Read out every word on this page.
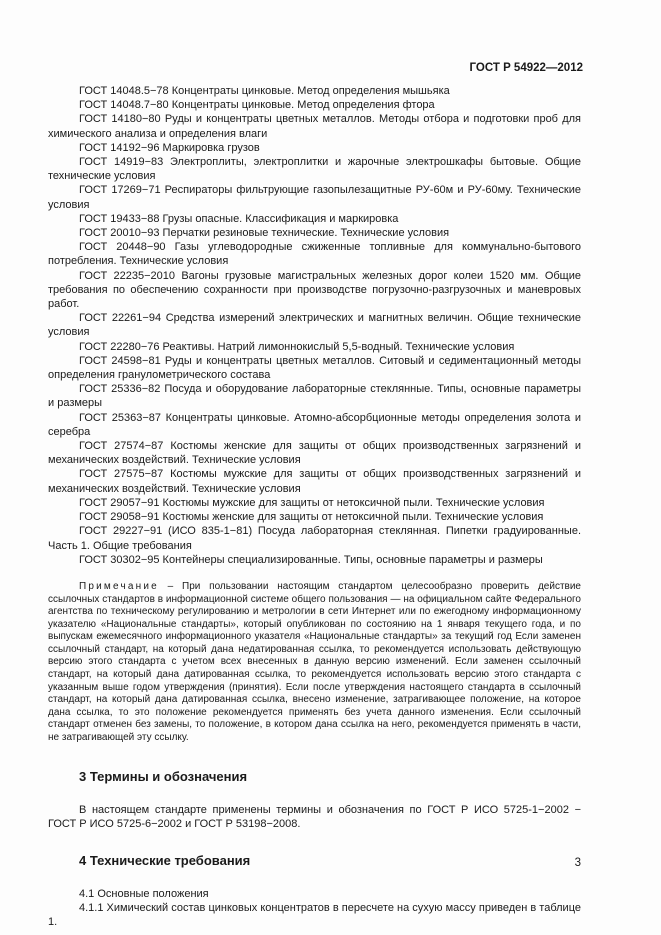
ГОСТ Р 54922—2012

ГОСТ 14048.5−78 Концентраты цинковые. Метод определения мышьяка

ГОСТ 14048.7−80 Концентраты цинковые. Метод определения фтора

ГОСТ 14180−80 Руды и концентраты цветных металлов. Методы отбора и подготовки проб для химического анализа и определения влаги

ГОСТ 14192−96 Маркировка грузов

ГОСТ 14919−83 Электроплиты, электроплитки и жарочные электрошкафы бытовые. Общие технические условия

ГОСТ 17269−71 Респираторы фильтрующие газопылезащитные РУ-60м и РУ-60му. Технические условия

ГОСТ 19433−88 Грузы опасные. Классификация и маркировка

ГОСТ 20010−93 Перчатки резиновые технические. Технические условия

ГОСТ 20448−90 Газы углеводородные сжиженные топливные для коммунально-бытового потребления. Технические условия

ГОСТ 22235−2010 Вагоны грузовые магистральных железных дорог колеи 1520 мм. Общие требования по обеспечению сохранности при производстве погрузочно-разгрузочных и маневровых работ.

ГОСТ 22261−94 Средства измерений электрических и магнитных величин. Общие технические условия

ГОСТ 22280−76 Реактивы. Натрий лимоннокислый 5,5-водный. Технические условия

ГОСТ 24598−81 Руды и концентраты цветных металлов. Ситовый и седиментационный методы определения гранулометрического состава

ГОСТ 25336−82 Посуда и оборудование лабораторные стеклянные. Типы, основные параметры и размеры

ГОСТ 25363−87 Концентраты цинковые. Атомно-абсорбционные методы определения золота и серебра

ГОСТ 27574−87 Костюмы женские для защиты от общих производственных загрязнений и механических воздействий. Технические условия

ГОСТ 27575−87 Костюмы мужские для защиты от общих производственных загрязнений и механических воздействий. Технические условия

ГОСТ 29057−91 Костюмы мужские для защиты от нетоксичной пыли. Технические условия

ГОСТ 29058−91 Костюмы женские для защиты от нетоксичной пыли. Технические условия

ГОСТ 29227−91 (ИСО 835-1−81) Посуда лабораторная стеклянная. Пипетки градуированные. Часть 1. Общие требования

ГОСТ 30302−95 Контейнеры специализированные. Типы, основные параметры и размеры

Примечание – При пользовании настоящим стандартом целесообразно проверить действие ссылочных стандартов в информационной системе общего пользования — на официальном сайте Федерального агентства по техническому регулированию и метрологии в сети Интернет или по ежегодному информационному указателю «Национальные стандарты», который опубликован по состоянию на 1 января текущего года, и по выпускам ежемесячного информационного указателя «Национальные стандарты» за текущий год Если заменен ссылочный стандарт, на который дана недатированная ссылка, то рекомендуется использовать действующую версию этого стандарта с учетом всех внесенных в данную версию изменений. Если заменен ссылочный стандарт, на который дана датированная ссылка, то рекомендуется использовать версию этого стандарта с указанным выше годом утверждения (принятия). Если после утверждения настоящего стандарта в ссылочный стандарт, на который дана датированная ссылка, внесено изменение, затрагивающее положение, на которое дана ссылка, то это положение рекомендуется применять без учета данного изменения. Если ссылочный стандарт отменен без замены, то положение, в котором дана ссылка на него, рекомендуется применять в части, не затрагивающей эту ссылку.
3 Термины и обозначения

В настоящем стандарте применены термины и обозначения по ГОСТ Р ИСО 5725-1−2002 − ГОСТ Р ИСО 5725-6−2002 и ГОСТ Р 53198−2008.

4 Технические требования

4.1 Основные положения

4.1.1 Химический состав цинковых концентратов в пересчете на сухую массу приведен в таблице 1.

3
